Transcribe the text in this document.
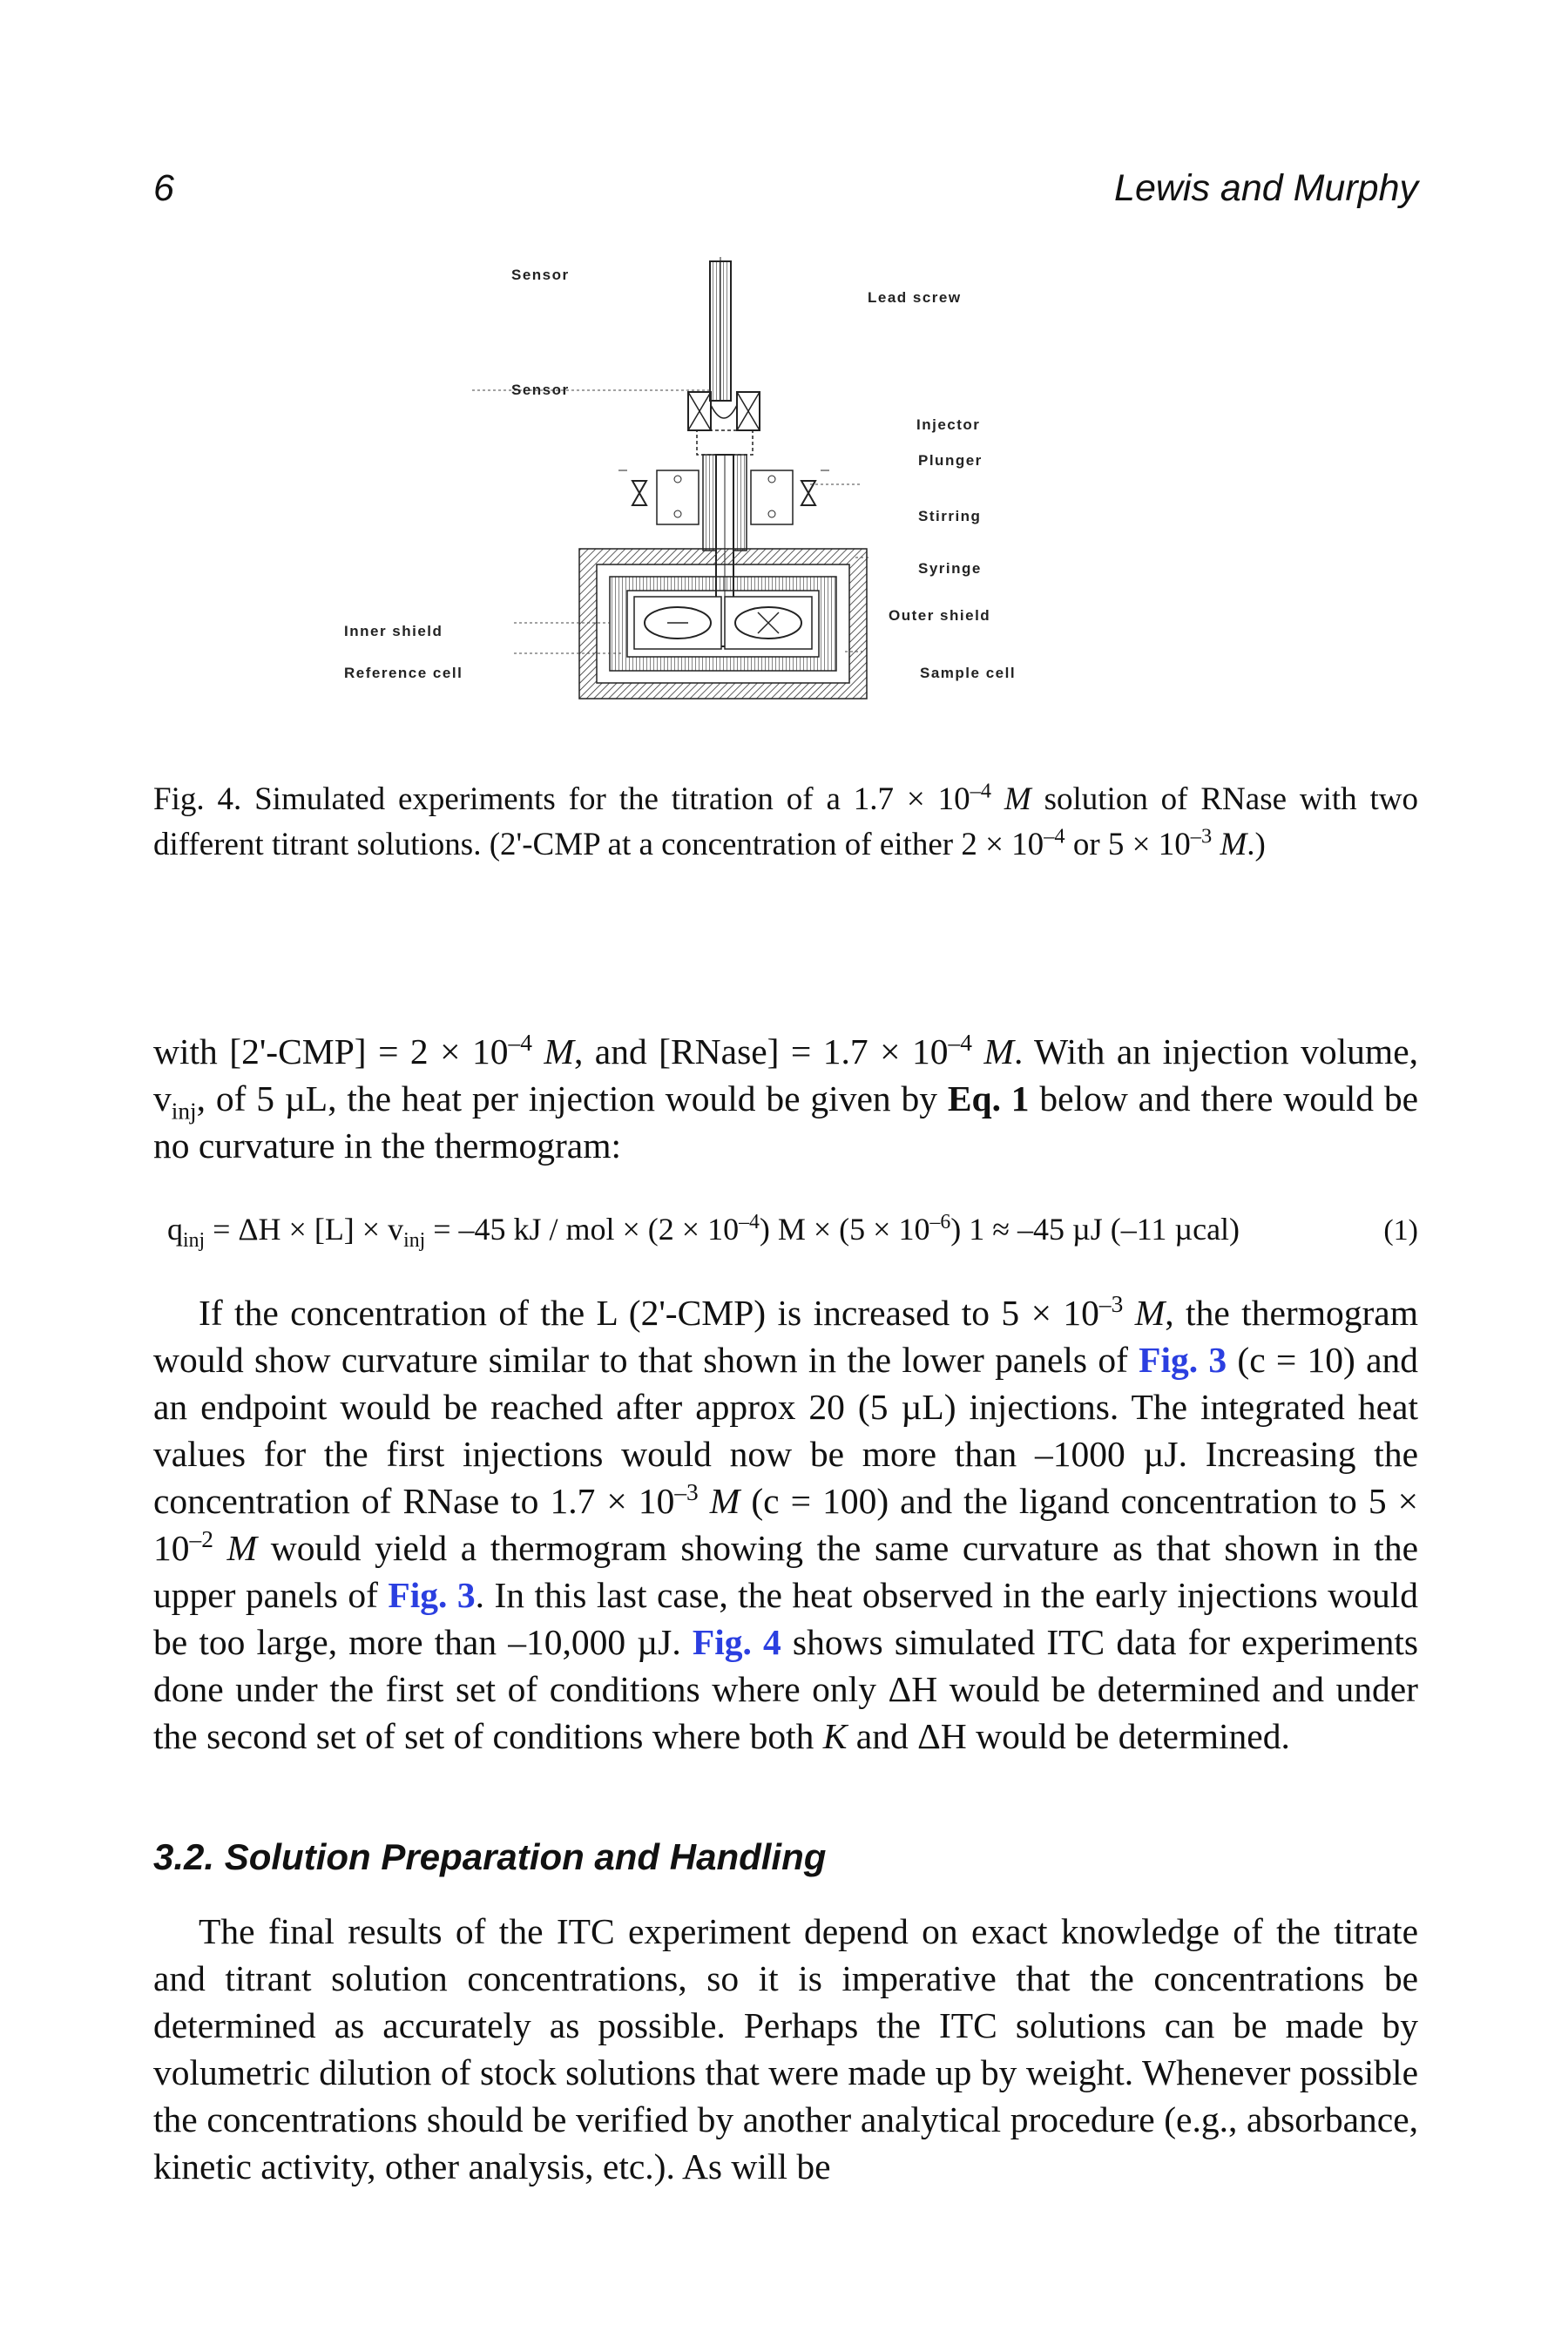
6	Lewis and Murphy
Sensor
Lead screw
Sensor
Injector
Plunger
Stirring
Syringe
Outer shield
Inner shield
Reference cell	Sample cell
Fig. 4. Simulated experiments for the titration of a $1.7 \times 10^{-4}$ M solution of RNase with two different titrant solutions. (2'-CMP at a concentration of either $2 \times 10^{-4}$ or $5 \times 10^{-3}$ M.)

with $[2'-CMP] = 2 \times 10^{-4}$ M, and [RNase] = $1.7 \times 10^{-4}$ M. With an injection volume, $v_{inj}$, of 5 µL, the heat per injection would be given by Eq. 1 below and there would be no curvature in the thermogram:

$q_{inj} = \Delta H \times [L] \times v_{inj} = -45$ kJ / mol × $(2 \times 10^{-4})$ $M \times (5 \times 10^{-6})$ 1 ≈ –45 µJ (–11 µcal)	(1)

If the concentration of the L (2'-CMP) is increased to $5 \times 10^{-3}$ M, the thermogram would show curvature similar to that shown in the lower panels of Fig. 3 (c = 10) and an endpoint would be reached after approx 20 (5 µL) injections. The integrated heat values for the first injections would now be more than –1000 µJ. Increasing the concentration of RNase to $1.7 \times 10^{-3}$ M (c = 100) and the ligand concentration to $5 \times 10^{-2}$ M would yield a thermogram showing the same curvature as that shown in the upper panels of Fig. 3. In this last case, the heat observed in the early injections would be too large, more than –10,000 µJ. Fig. 4 shows simulated ITC data for experiments done under the first set of conditions where only ΔH would be determined and under the second set of set of conditions where both K and ΔH would be determined.

3.2. Solution Preparation and Handling

The final results of the ITC experiment depend on exact knowledge of the titrate and titrant solution concentrations, so it is imperative that the concentrations be determined as accurately as possible. Perhaps the ITC solutions can be made by volumetric dilution of stock solutions that were made up by weight. Whenever possible the concentrations should be verified by another analytical procedure (e.g., absorbance, kinetic activity, other analysis, etc.). As will be
